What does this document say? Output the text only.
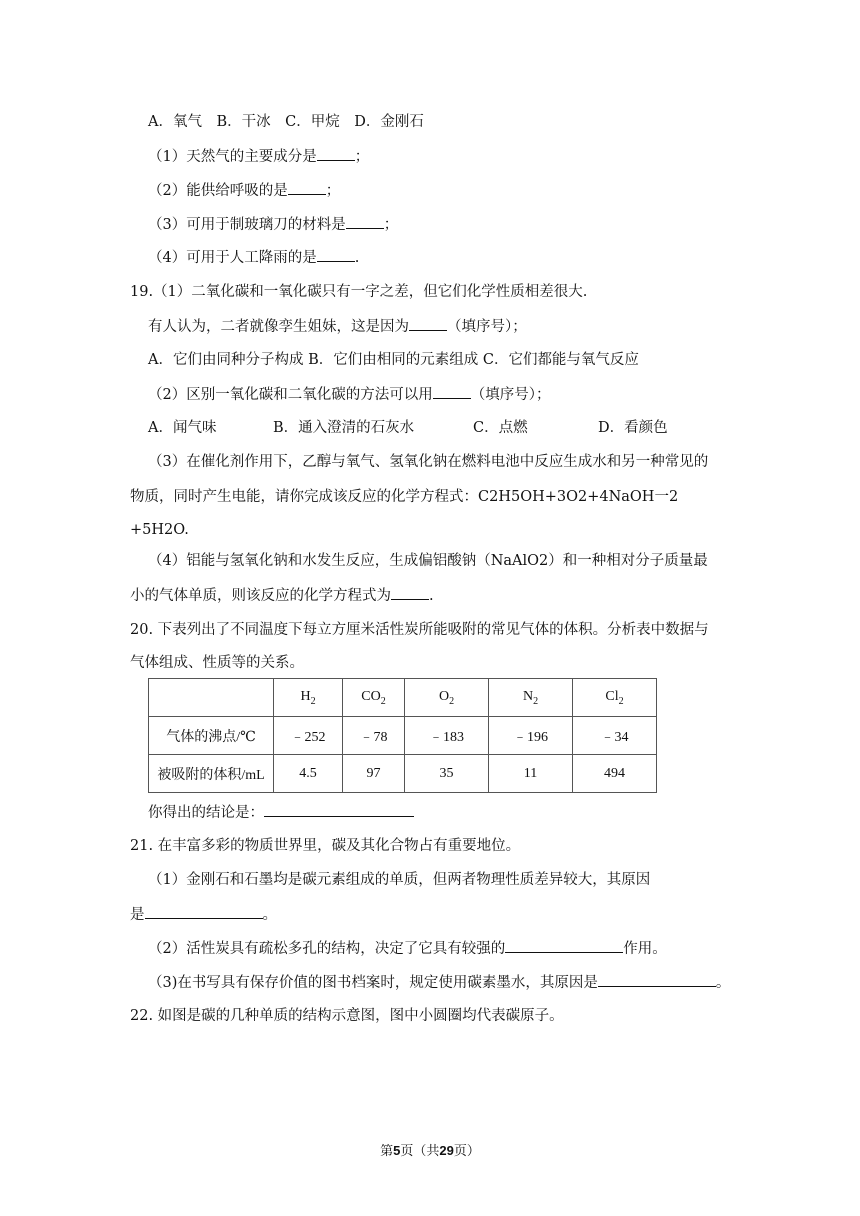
A．氧气　B．干冰　C．甲烷　D．金刚石
（1）天然气的主要成分是	；
（2）能供给呼吸的是	；
（3）可用于制玻璃刀的材料是	；
（4）可用于人工降雨的是	.
19.（1）二氧化碳和一氧化碳只有一字之差，但它们化学性质相差很大.
有人认为，二者就像孪生姐妹，这是因为	（填序号）；
A．它们由同种分子构成 B．它们由相同的元素组成 C．它们都能与氧气反应
（2）区别一氧化碳和二氧化碳的方法可以用	（填序号）；
A．闻气味	B．通入澄清的石灰水	C．点燃	D．看颜色
（3）在催化剂作用下，乙醇与氧气、氢氧化钠在燃料电池中反应生成水和另一种常见的
物质，同时产生电能，请你完成该反应的化学方程式：C2H5OH+3O2+4NaOH一2
+5H2O.
（4）铝能与氢氧化钠和水发生反应，生成偏铝酸钠（NaAlO2）和一种相对分子质量最
小的气体单质，则该反应的化学方程式为	.
20. 下表列出了不同温度下每立方厘米活性炭所能吸附的常见气体的体积。分析表中数据与
气体组成、性质等的关系。
	$H_2$	$CO_2$	$O_2$	$N_2$	$Cl_2$
气体的沸点/℃	﹣252	﹣78	﹣183	﹣196	﹣34
被吸附的体积/mL	4.5	97	35	11	494
你得出的结论是：
21. 在丰富多彩的物质世界里，碳及其化合物占有重要地位。
（1）金刚石和石墨均是碳元素组成的单质，但两者物理性质差异较大，其原因
是	。
（2）活性炭具有疏松多孔的结构，决定了它具有较强的	作用。
（3)在书写具有保存价值的图书档案时，规定使用碳素墨水，其原因是	。
22. 如图是碳的几种单质的结构示意图，图中小圆圈均代表碳原子。
第5页（共29页）
